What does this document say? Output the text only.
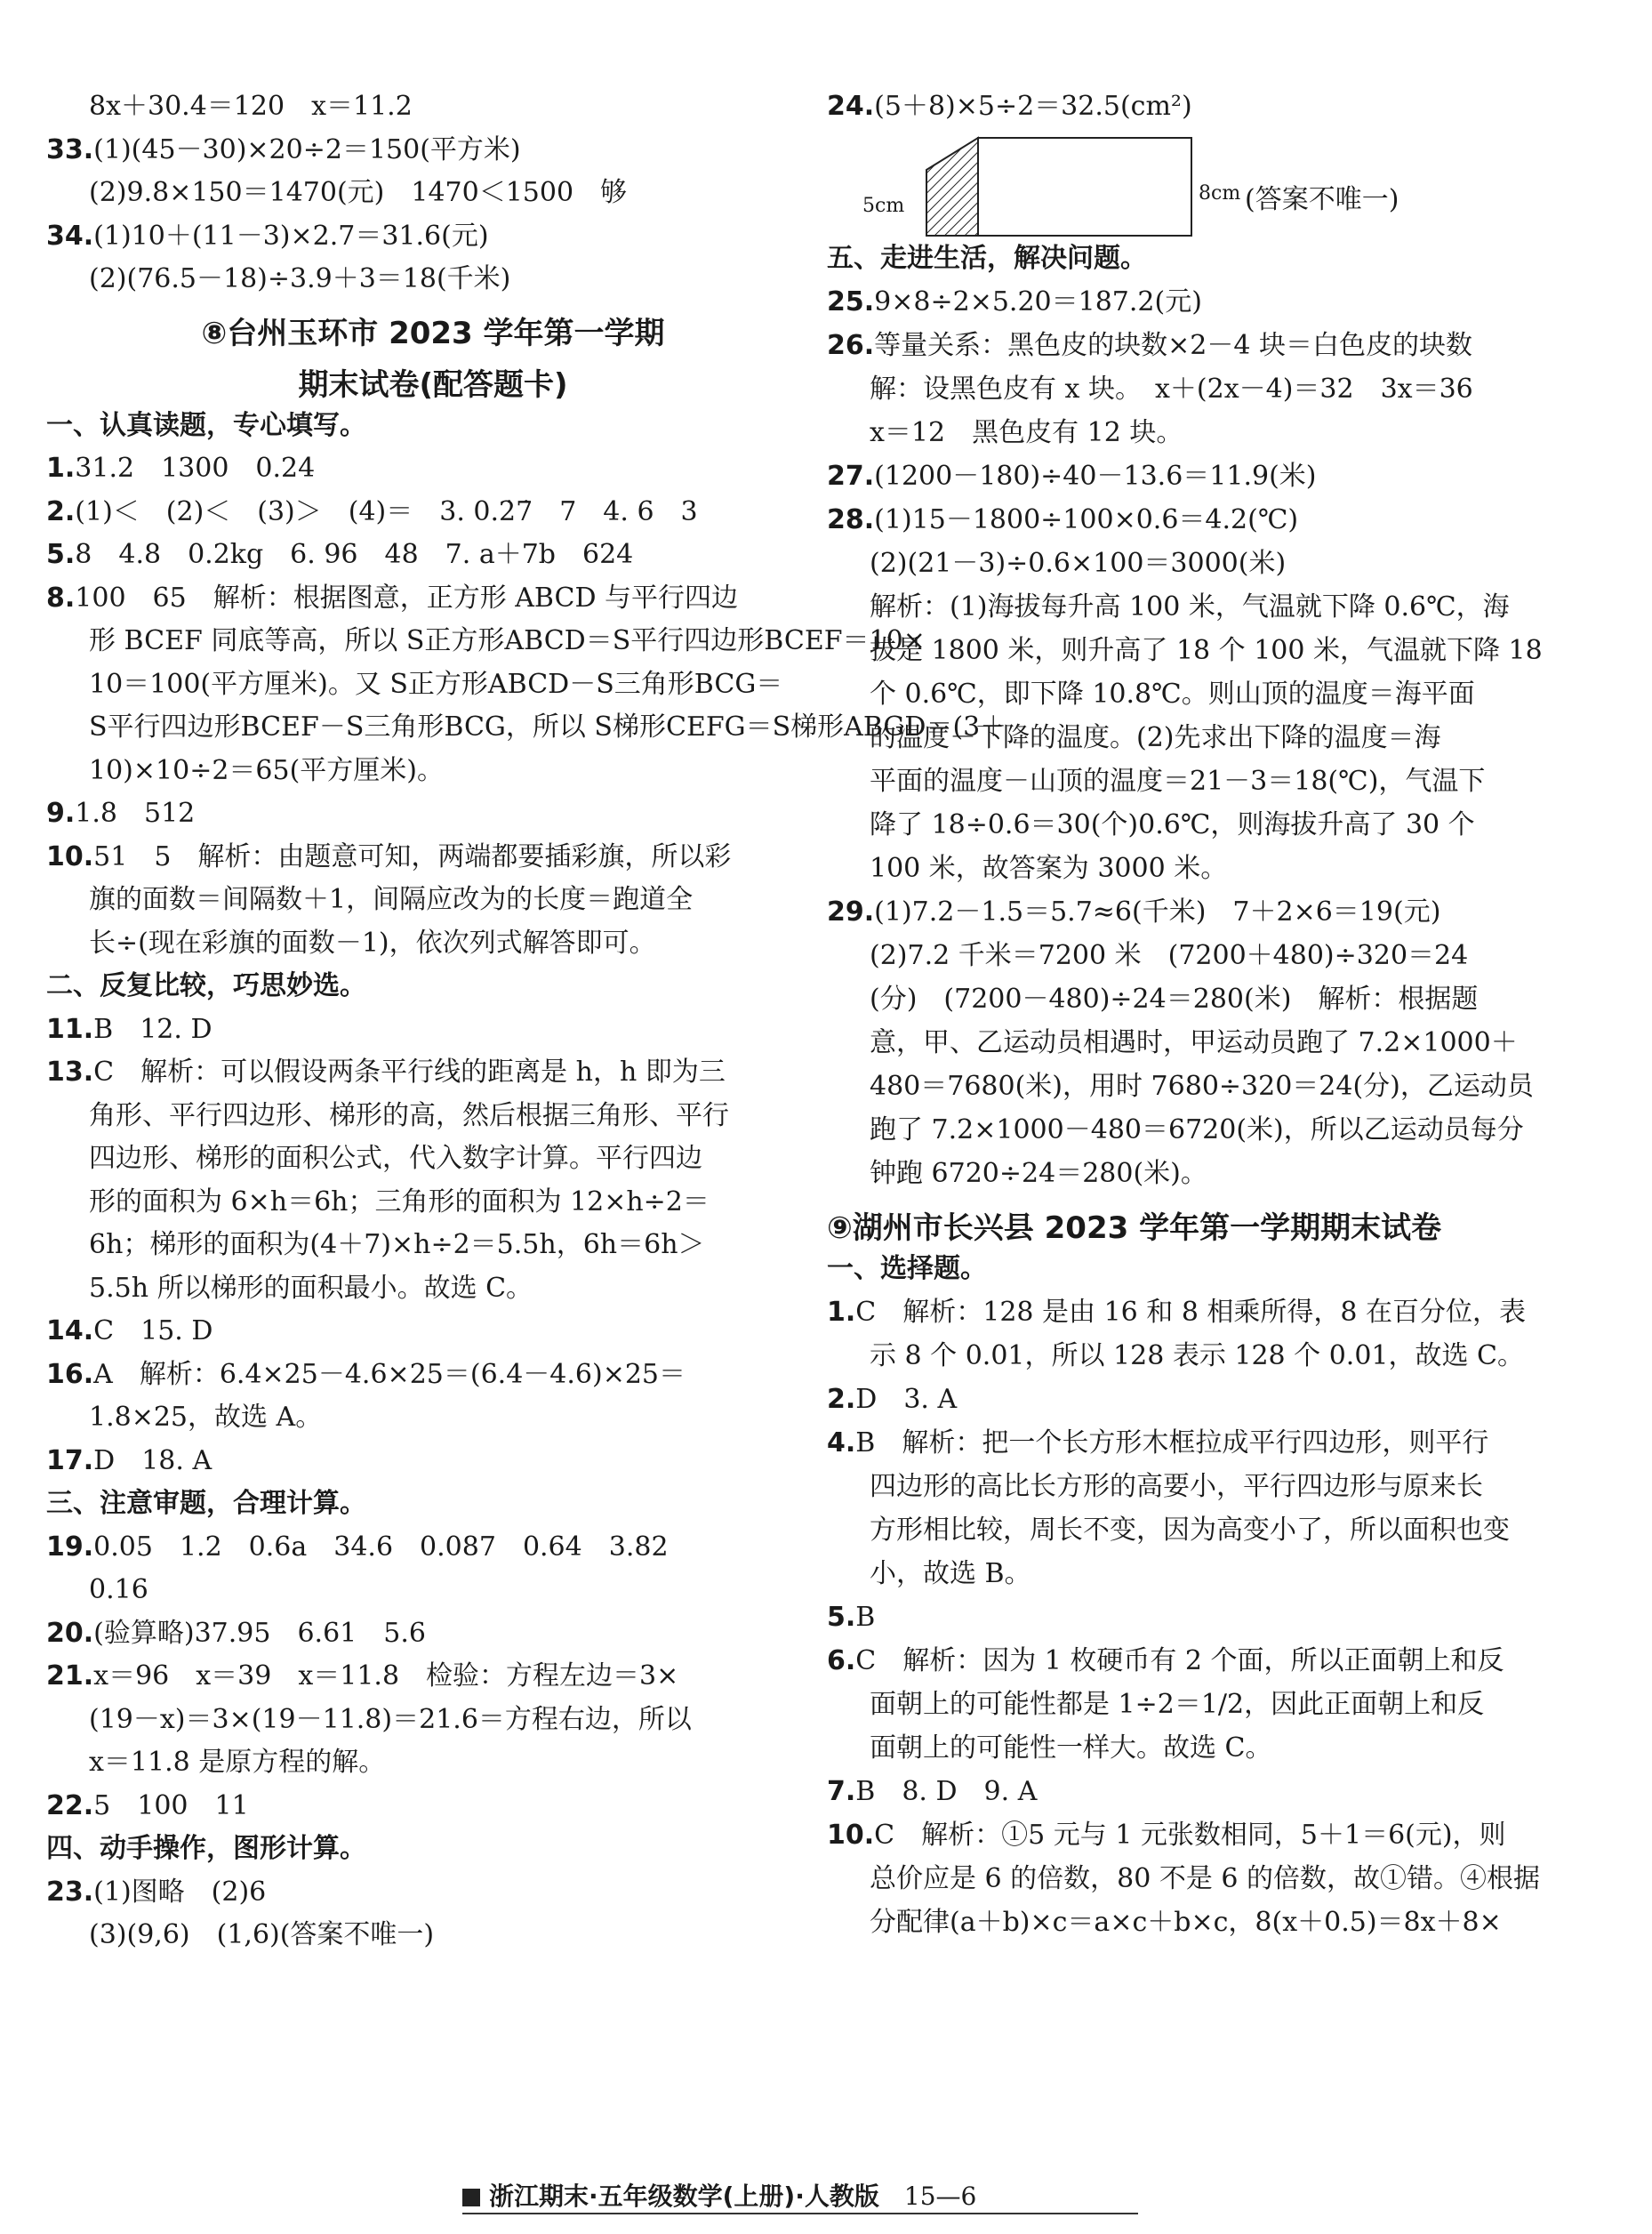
8x＋30.4＝120　x＝11.2
33.(1)(45－30)×20÷2＝150(平方米)
(2)9.8×150＝1470(元)　1470＜1500　够
34.(1)10＋(11－3)×2.7＝31.6(元)
(2)(76.5－18)÷3.9＋3＝18(千米)
⑧台州玉环市 2023 学年第一学期
期末试卷(配答题卡)
一、认真读题，专心填写。
1.31.2　1300　0.24
2.(1)＜　(2)＜　(3)＞　(4)＝　3. 0.2̇7̇　7　4. 6　3
5.8　4.8　0.2kg　6. 96　48　7. a＋7b　624
8.100　65　解析：根据图意，正方形 ABCD 与平行四边
形 BCEF 同底等高，所以 S正方形ABCD＝S平行四边形BCEF＝10×
10＝100(平方厘米)。又 S正方形ABCD－S三角形BCG＝
S平行四边形BCEF－S三角形BCG，所以 S梯形CEFG＝S梯形ABGD＝(3＋
10)×10÷2＝65(平方厘米)。
9.1.8　512
10.51　5　解析：由题意可知，两端都要插彩旗，所以彩
旗的面数＝间隔数＋1，间隔应改为的长度＝跑道全
长÷(现在彩旗的面数－1)，依次列式解答即可。
二、反复比较，巧思妙选。
11.B　12. D
13.C　解析：可以假设两条平行线的距离是 h，h 即为三
角形、平行四边形、梯形的高，然后根据三角形、平行
四边形、梯形的面积公式，代入数字计算。平行四边
形的面积为 6×h＝6h；三角形的面积为 12×h÷2＝
6h；梯形的面积为(4＋7)×h÷2＝5.5h，6h＝6h＞
5.5h 所以梯形的面积最小。故选 C。
14.C　15. D
16.A　解析：6.4×25－4.6×25＝(6.4－4.6)×25＝
1.8×25，故选 A。
17.D　18. A
三、注意审题，合理计算。
19.0.05　1.2　0.6a　34.6　0.087　0.64　3.82
0.16
20.(验算略)37.95　6.61　5.6
21.x＝96　x＝39　x＝11.8　检验：方程左边＝3×
(19－x)＝3×(19－11.8)＝21.6＝方程右边，所以
x＝11.8 是原方程的解。
22.5　100　11
四、动手操作，图形计算。
23.(1)图略　(2)6
(3)(9,6)　(1,6)(答案不唯一)
24.(5＋8)×5÷2＝32.5(cm²)
5cm
8cm (答案不唯一)
五、走进生活，解决问题。
25.9×8÷2×5.20＝187.2(元)
26.等量关系：黑色皮的块数×2－4 块＝白色皮的块数
解：设黑色皮有 x 块。　x＋(2x－4)＝32　3x＝36
x＝12　黑色皮有 12 块。
27.(1200－180)÷40－13.6＝11.9(米)
28.(1)15－1800÷100×0.6＝4.2(℃)
(2)(21－3)÷0.6×100＝3000(米)
解析：(1)海拔每升高 100 米，气温就下降 0.6℃，海
拔是 1800 米，则升高了 18 个 100 米，气温就下降 18
个 0.6℃，即下降 10.8℃。则山顶的温度＝海平面
的温度－下降的温度。(2)先求出下降的温度＝海
平面的温度－山顶的温度＝21－3＝18(℃)，气温下
降了 18÷0.6＝30(个)0.6℃，则海拔升高了 30 个
100 米，故答案为 3000 米。
29.(1)7.2－1.5＝5.7≈6(千米)　7＋2×6＝19(元)
(2)7.2 千米＝7200 米　(7200＋480)÷320＝24
(分)　(7200－480)÷24＝280(米)　解析：根据题
意，甲、乙运动员相遇时，甲运动员跑了 7.2×1000＋
480＝7680(米)，用时 7680÷320＝24(分)，乙运动员
跑了 7.2×1000－480＝6720(米)，所以乙运动员每分
钟跑 6720÷24＝280(米)。
⑨湖州市长兴县 2023 学年第一学期期末试卷
一、选择题。
1.C　解析：128 是由 16 和 8 相乘所得，8 在百分位，表
示 8 个 0.01，所以 128 表示 128 个 0.01，故选 C。
2.D　3. A
4.B　解析：把一个长方形木框拉成平行四边形，则平行
四边形的高比长方形的高要小，平行四边形与原来长
方形相比较，周长不变，因为高变小了，所以面积也变
小，故选 B。
5.B
6.C　解析：因为 1 枚硬币有 2 个面，所以正面朝上和反
面朝上的可能性都是 1÷2＝1/2，因此正面朝上和反
面朝上的可能性一样大。故选 C。
7.B　8. D　9. A
10.C　解析：①5 元与 1 元张数相同，5＋1＝6(元)，则
总价应是 6 的倍数，80 不是 6 的倍数，故①错。④根据
分配律(a＋b)×c＝a×c＋b×c，8(x＋0.5)＝8x＋8×
浙江期末·五年级数学(上册)·人教版 15—6
